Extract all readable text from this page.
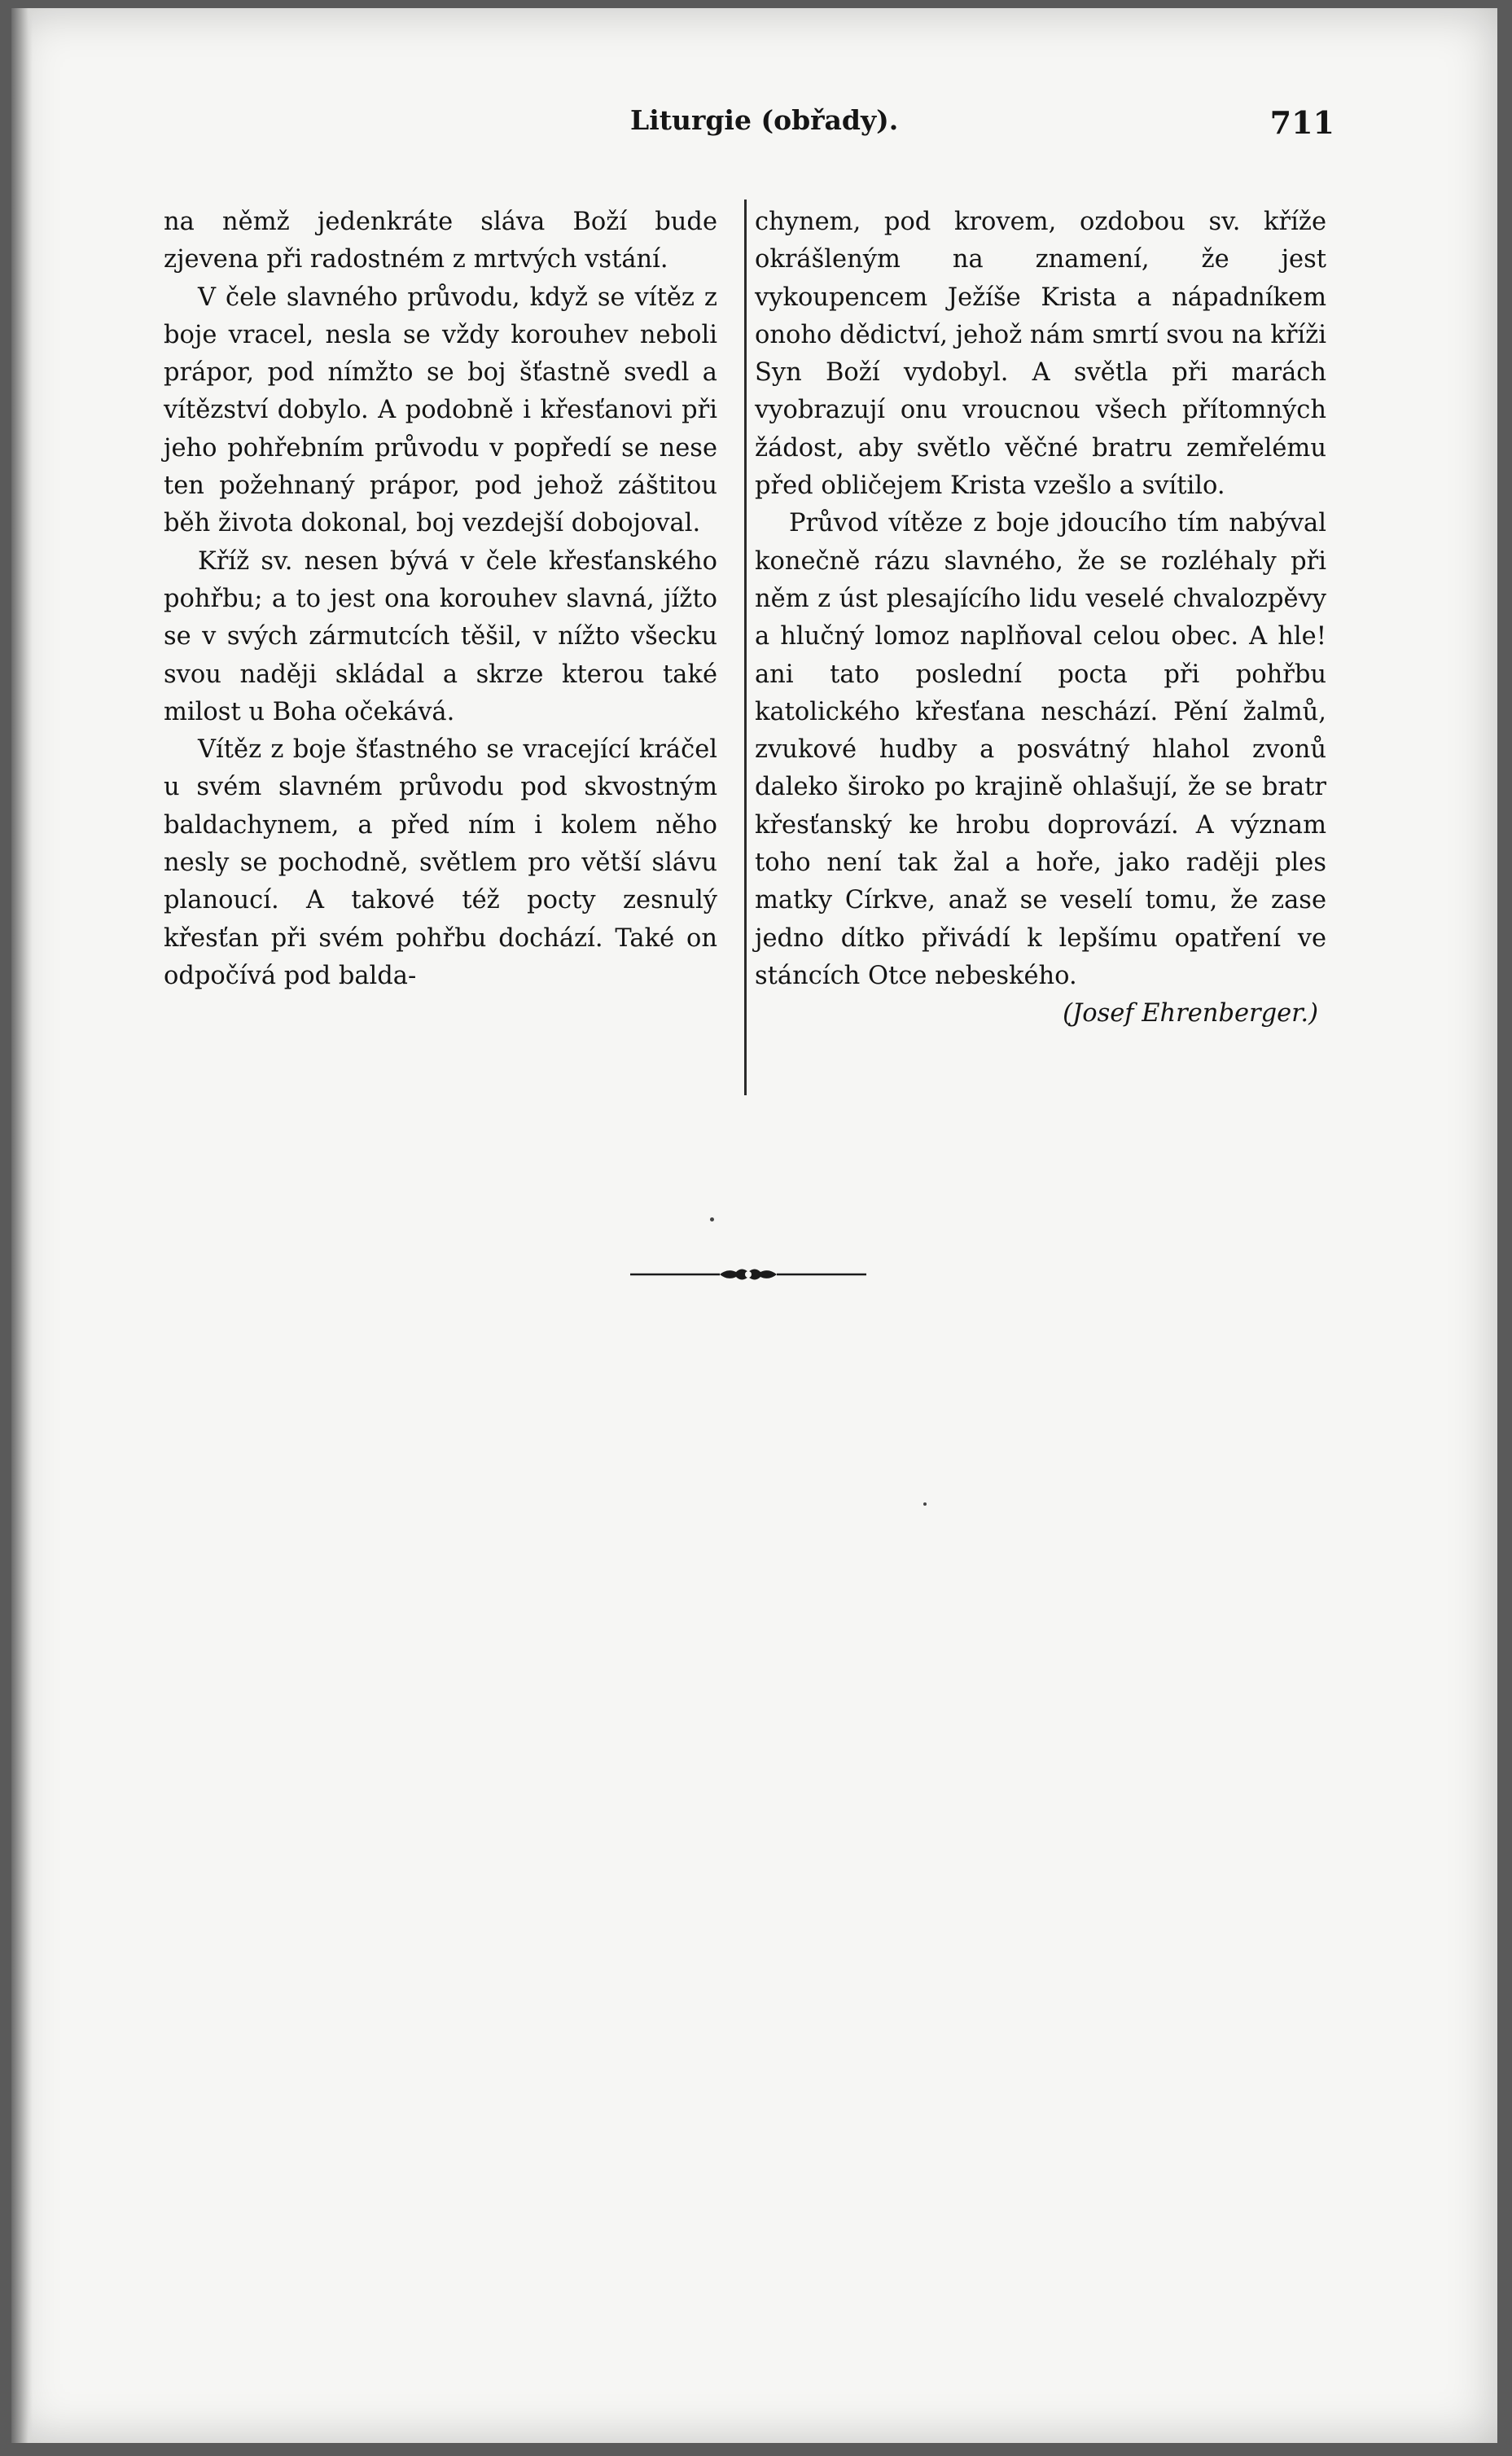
Liturgie (obřady).	711

na němž jedenkráte sláva Boží bude zjevena při radostném z mrtvých vstání.

V čele slavného průvodu, když se vítěz z boje vracel, nesla se vždy korouhev neboli prápor, pod nímžto se boj šťastně svedl a vítězství dobylo. A podobně i křesťanovi při jeho pohřebním průvodu v popředí se nese ten požehnaný prápor, pod jehož záštitou běh života dokonal, boj vezdejší dobojoval.

Kříž sv. nesen bývá v čele křesťanského pohřbu; a to jest ona korouhev slavná, jížto se v svých zármutcích těšil, v nížto všecku svou naději skládal a skrze kterou také milost u Boha očekává.

Vítěz z boje šťastného se vracející kráčel u svém slavném průvodu pod skvostným baldachynem, a před ním i kolem něho nesly se pochodně, světlem pro větší slávu planoucí. A takové též pocty zesnulý křesťan při svém pohřbu dochází. Také on odpočívá pod balda-

chynem, pod krovem, ozdobou sv. kříže okrášleným na znamení, že jest vykoupencem Ježíše Krista a nápadníkem onoho dědictví, jehož nám smrtí svou na kříži Syn Boží vydobyl. A světla při marách vyobrazují onu vroucnou všech přítomných žádost, aby světlo věčné bratru zemřelému před obličejem Krista vzešlo a svítilo.

Průvod vítěze z boje jdoucího tím nabýval konečně rázu slavného, že se rozléhaly při něm z úst plesajícího lidu veselé chvalozpěvy a hlučný lomoz naplňoval celou obec. A hle! ani tato poslední pocta při pohřbu katolického křesťana neschází. Pění žalmů, zvukové hudby a posvátný hlahol zvonů daleko široko po krajině ohlašují, že se bratr křesťanský ke hrobu doprovází. A význam toho není tak žal a hoře, jako raději ples matky Církve, anaž se veselí tomu, že zase jedno dítko přivádí k lepšímu opatření ve stáncích Otce nebeského.

(Josef Ehrenberger.)
